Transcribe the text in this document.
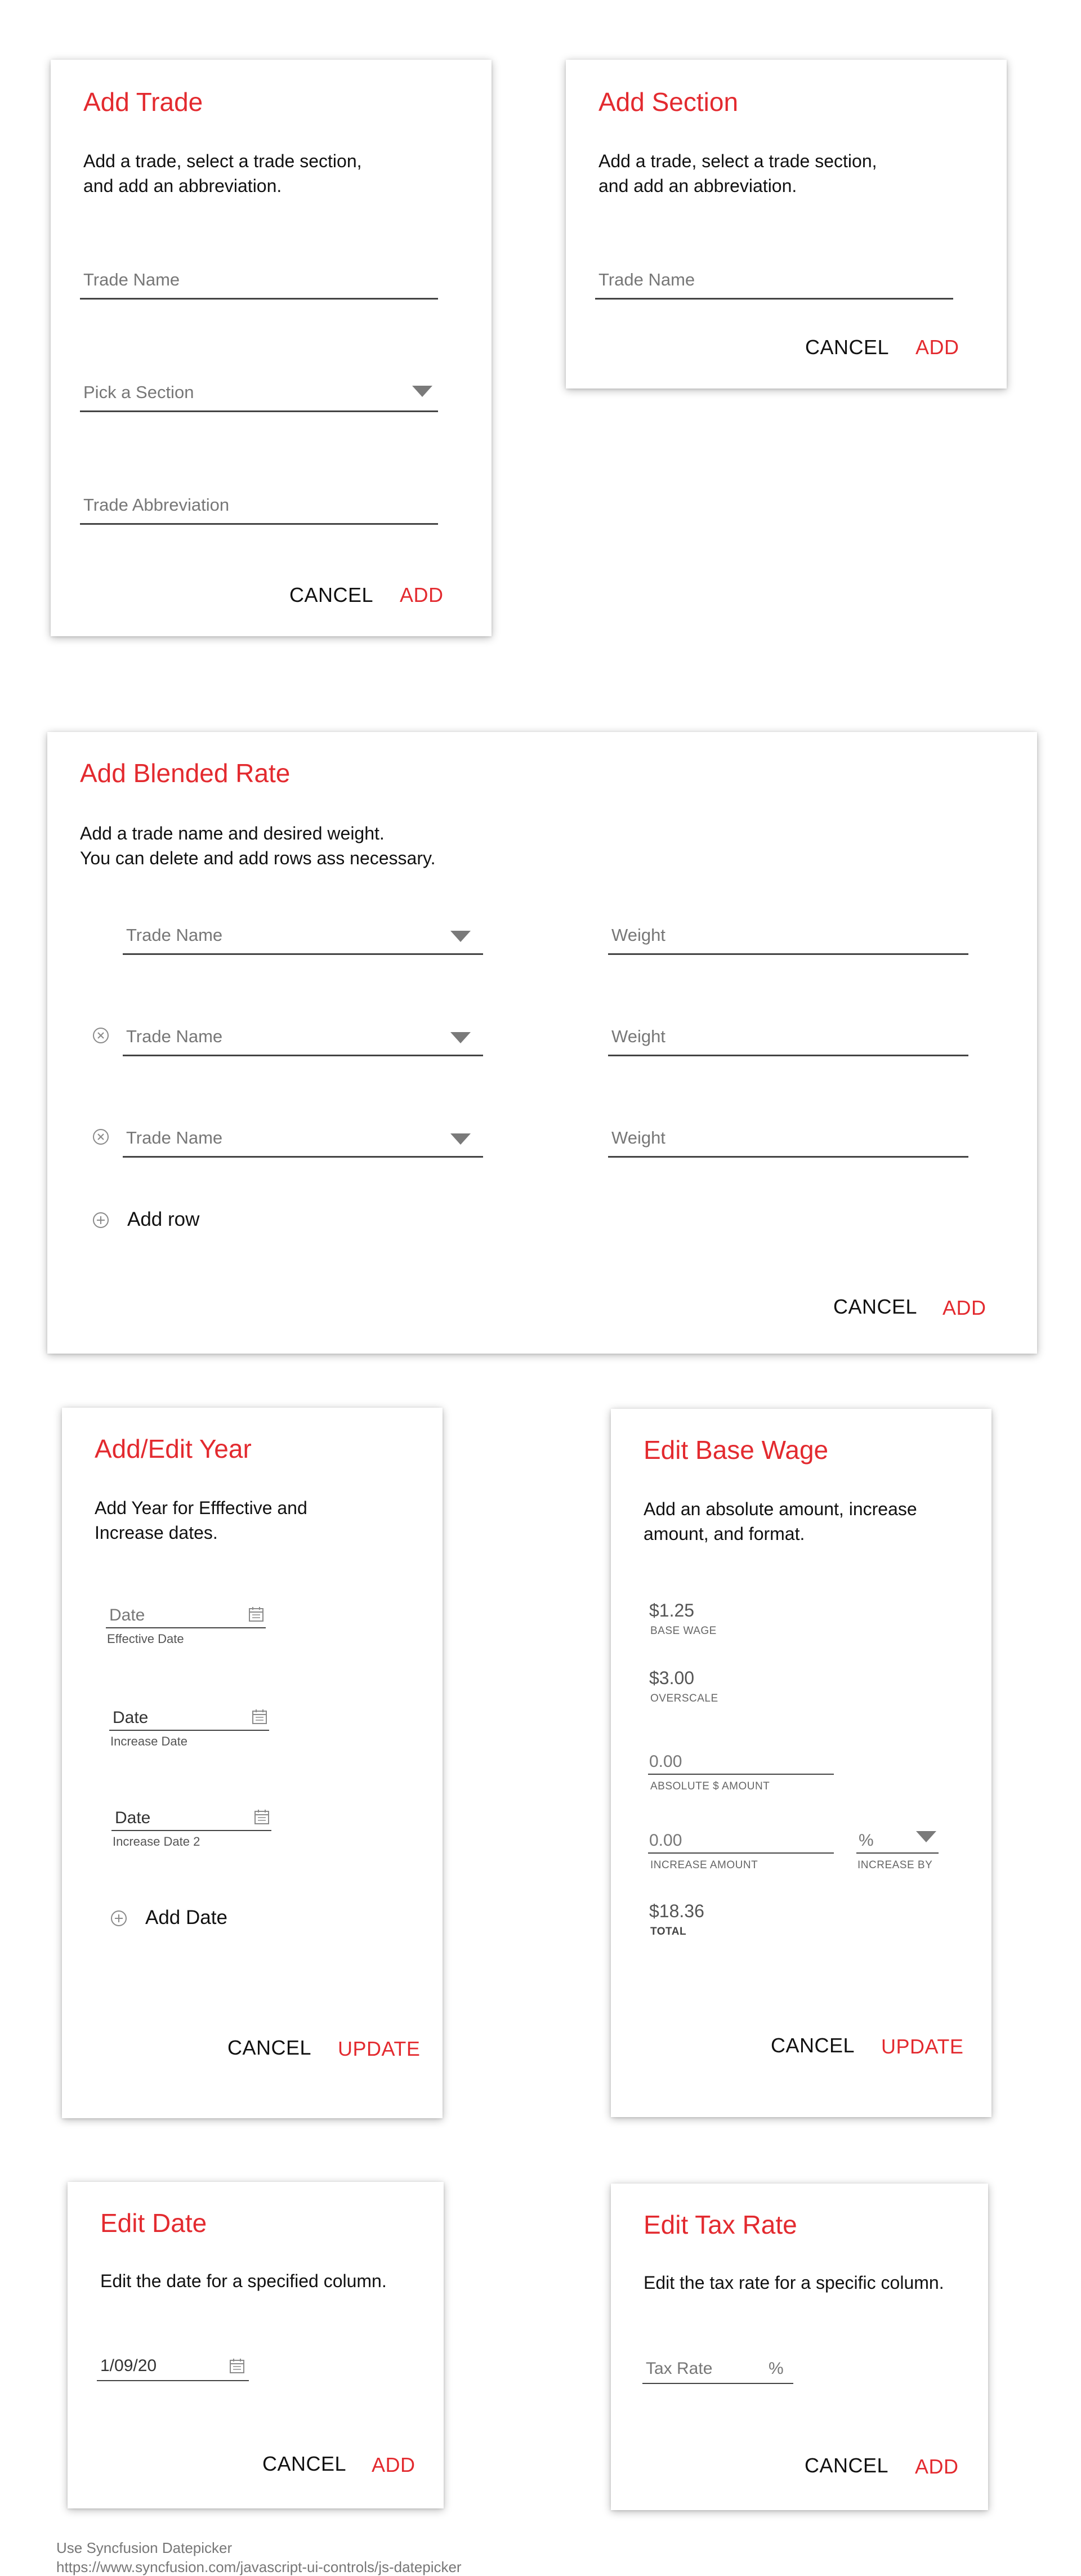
Add Trade
Add a trade, select a trade section,
and add an abbreviation.
Trade Name
Pick a Section
Trade Abbreviation
CANCEL ADD
Add Section
Add a trade, select a trade section,
and add an abbreviation.
Trade Name
CANCEL ADD
Add Blended Rate
Add a trade name and desired weight.
You can delete and add rows ass necessary.
Trade Name	Weight
Trade Name	Weight
Trade Name	Weight
Add row
CANCEL ADD
Add/Edit Year
Add Year for Efffective and
Increase dates.
Date
Effective Date
Date
Increase Date
Date
Increase Date 2
Add Date
CANCEL UPDATE
Edit Base Wage
Add an absolute amount, increase
amount, and format.
$1.25
BASE WAGE
$3.00
OVERSCALE
0.00
ABSOLUTE $ AMOUNT
0.00
INCREASE AMOUNT
%
INCREASE BY
$18.36
TOTAL
CANCEL UPDATE
Edit Date
Edit the date for a specified column.
1/09/20
CANCEL ADD
Edit Tax Rate
Edit the tax rate for a specific column.
Tax Rate	%
CANCEL ADD
Use Syncfusion Datepicker
https://www.syncfusion.com/javascript-ui-controls/js-datepicker
